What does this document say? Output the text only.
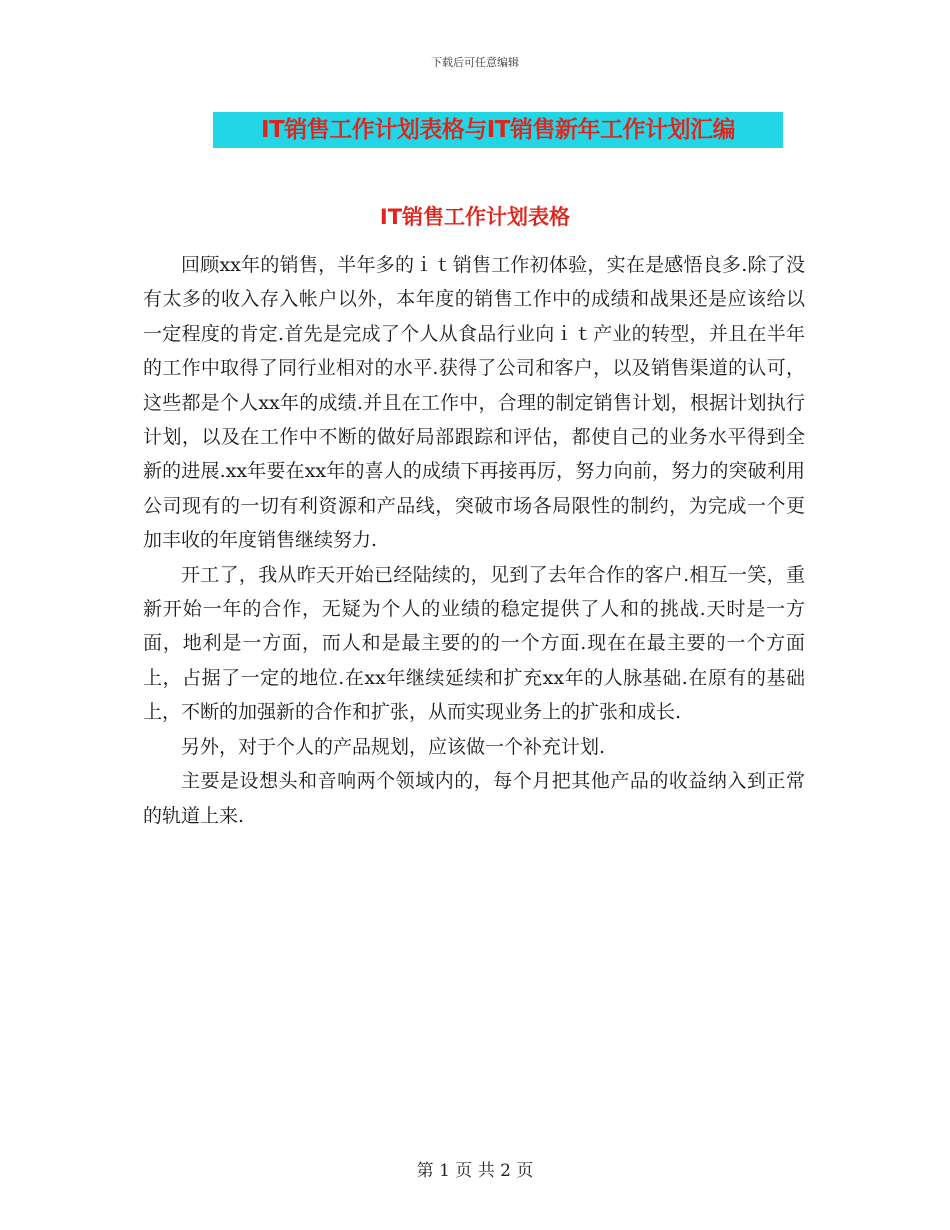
下载后可任意编辑
IT销售工作计划表格与IT销售新年工作计划汇编
IT销售工作计划表格

回顾xx年的销售，半年多的ｉｔ销售工作初体验，实在是感悟良多.除了没有太多的收入存入帐户以外，本年度的销售工作中的成绩和战果还是应该给以一定程度的肯定.首先是完成了个人从食品行业向ｉｔ产业的转型，并且在半年的工作中取得了同行业相对的水平.获得了公司和客户，以及销售渠道的认可，这些都是个人xx年的成绩.并且在工作中，合理的制定销售计划，根据计划执行计划，以及在工作中不断的做好局部跟踪和评估，都使自己的业务水平得到全新的进展.xx年要在xx年的喜人的成绩下再接再厉，努力向前，努力的突破利用公司现有的一切有利资源和产品线，突破市场各局限性的制约，为完成一个更加丰收的年度销售继续努力.

开工了，我从昨天开始已经陆续的，见到了去年合作的客户.相互一笑，重新开始一年的合作，无疑为个人的业绩的稳定提供了人和的挑战.天时是一方面，地利是一方面，而人和是最主要的的一个方面.现在在最主要的一个方面上，占据了一定的地位.在xx年继续延续和扩充xx年的人脉基础.在原有的基础上，不断的加强新的合作和扩张，从而实现业务上的扩张和成长.

另外，对于个人的产品规划，应该做一个补充计划.

主要是设想头和音响两个领域内的，每个月把其他产品的收益纳入到正常的轨道上来.

第 1 页 共 2 页
